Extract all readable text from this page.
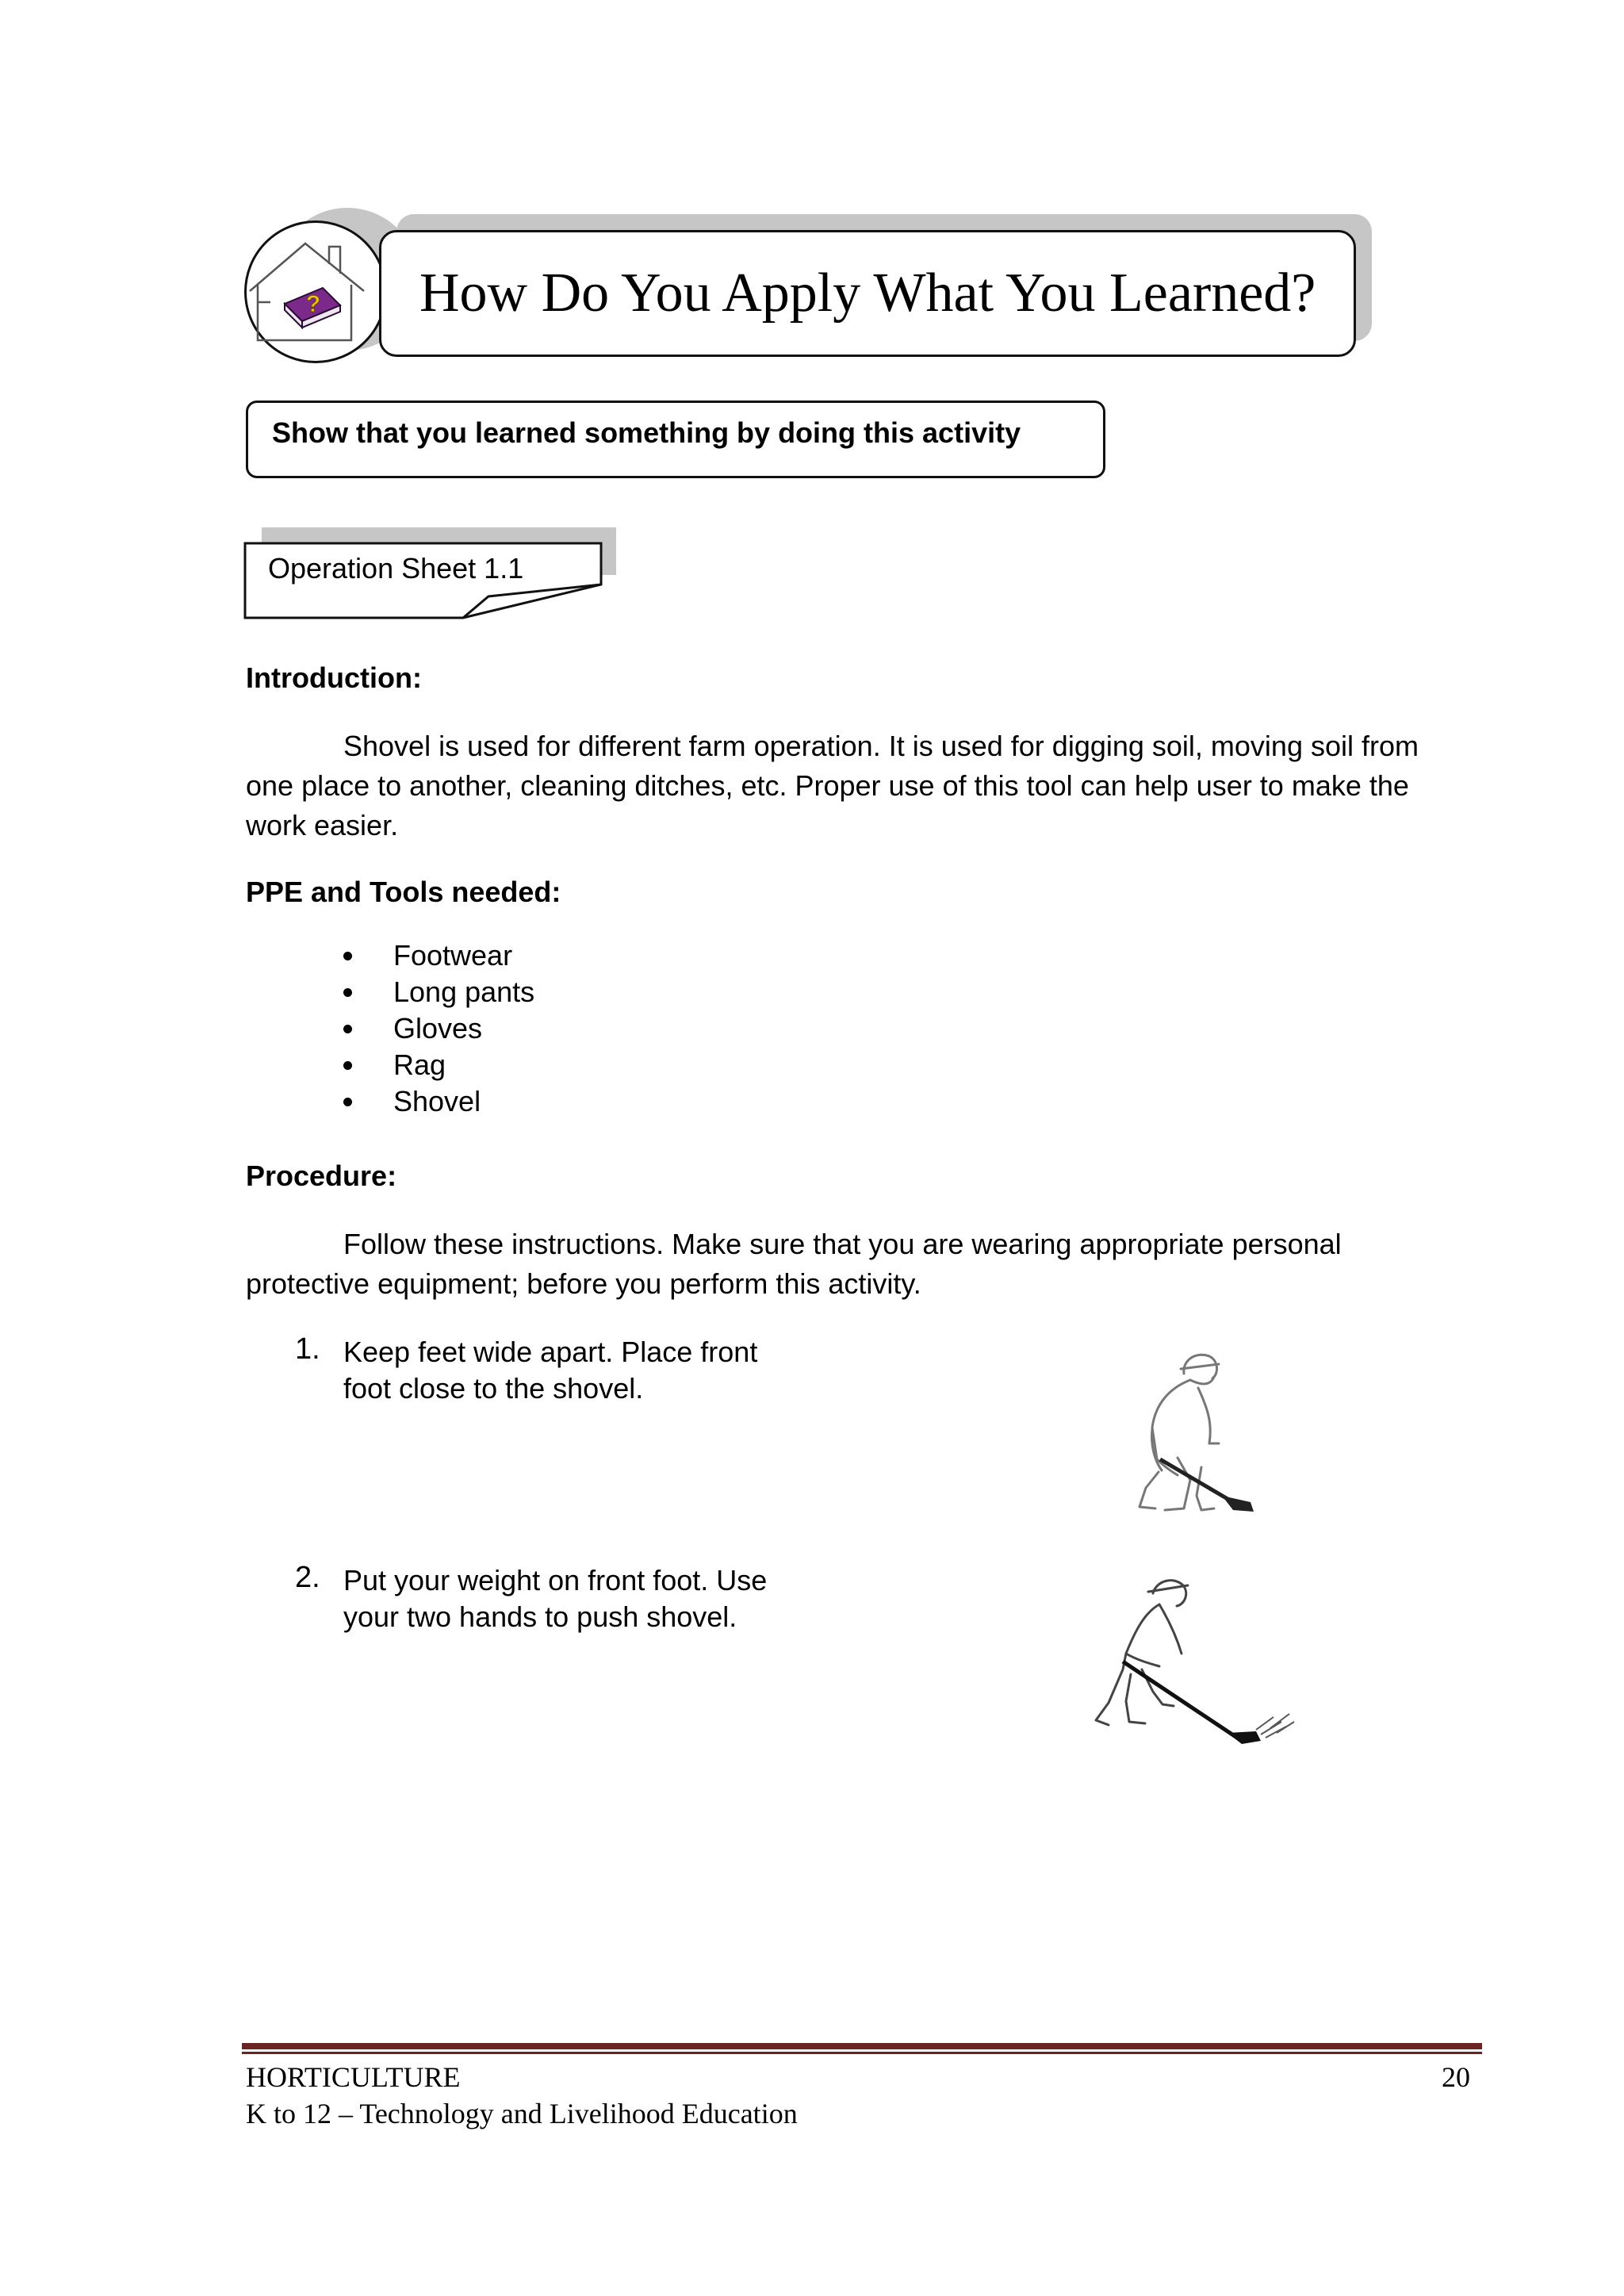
? How Do You Apply What You Learned?
Show that you learned something by doing this activity
Operation Sheet 1.1
Introduction:
Shovel is used for different farm operation. It is used for digging soil, moving soil from
one place to another, cleaning ditches, etc. Proper use of this tool can help user to make the
work easier.
PPE and Tools needed:
Footwear
Long pants
Gloves
Rag
Shovel
Procedure:
Follow these instructions. Make sure that you are wearing appropriate personal
protective equipment; before you perform this activity.
1. Keep feet wide apart. Place front
foot close to the shovel.
2. Put your weight on front foot. Use
your two hands to push shovel.
HORTICULTURE
K to 12 – Technology and Livelihood Education
20
